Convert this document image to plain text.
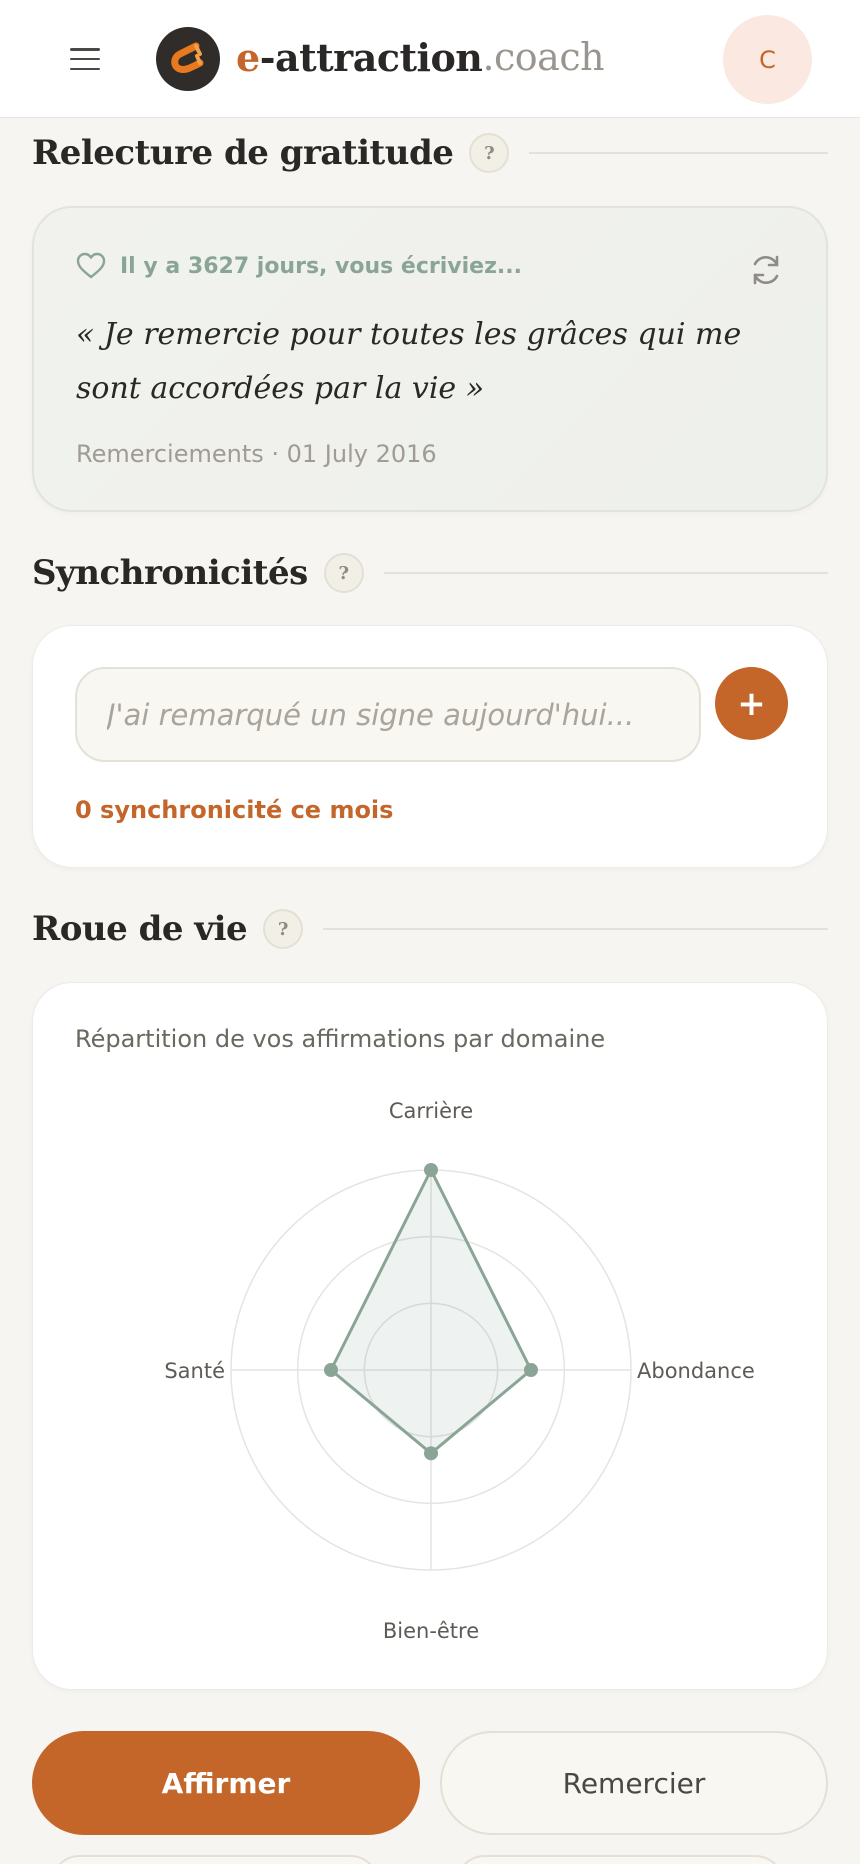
e -attraction .coach	C
Relecture de gratitude	?
Il y a 3627 jours, vous écriviez...
« Je remercie pour toutes les grâces qui me sont accordées par la vie »
Remerciements · 01 July 2016
Synchronicités	?
J'ai remarqué un signe aujourd'hui...
+
0 synchronicité ce mois
Roue de vie	?
Répartition de vos affirmations par domaine
Carrière
Abondance
Bien-être
Santé
Affirmer	Remercier
